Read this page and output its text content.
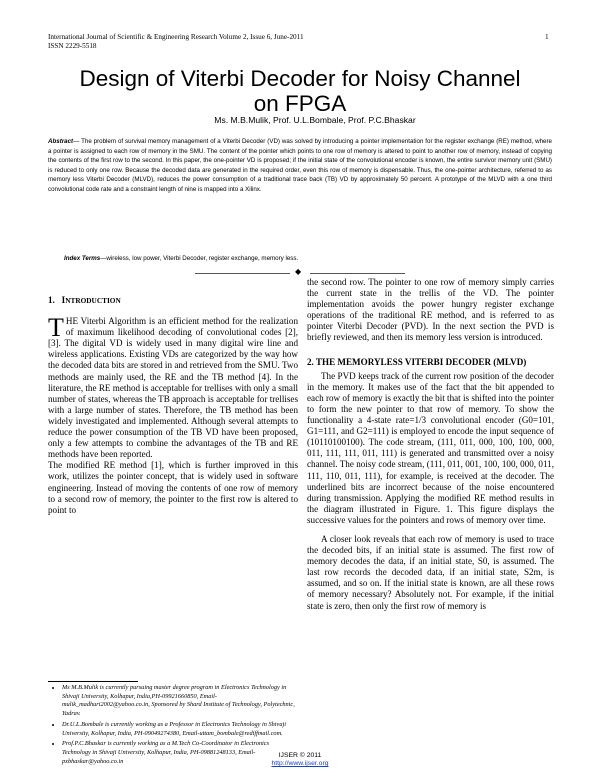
International Journal of Scientific & Engineering Research Volume 2, Issue 6, June-2011
ISSN 2229-5518
1
Design of Viterbi Decoder for Noisy Channel
on FPGA
Ms. M.B.Mulik, Prof. U.L.Bombale, Prof. P.C.Bhaskar
Abstract— The problem of survival memory management of a Viterbi Decoder (VD) was solved by introducing a pointer implementation for the register exchange (RE) method, where a pointer is assigned to each row of memory in the SMU. The content of the pointer which points to one row of memory is altered to point to another row of memory, instead of copying the contents of the first row to the second. In this paper, the one-pointer VD is proposed; if the initial state of the convolutional encoder is known, the entire survivor memory unit (SMU) is reduced to only one row. Because the decoded data are generated in the required order, even this row of memory is dispensable. Thus, the one-pointer architecture, referred to as memory less Viterbi Decoder (MLVD), reduces the power consumption of a traditional trace back (TB) VD by approximately 50 percent. A prototype of the MLVD with a one third convolutional code rate and a constraint length of nine is mapped into a Xilinx.
Index Terms—wireless, low power, Viterbi Decoder, register exchange, memory less.
◆

1. INTRODUCTION

THE Viterbi Algorithm is an efficient method for the realization of maximum likelihood decoding of convolutional codes [2],[3]. The digital VD is widely used in many digital wire line and wireless applications. Existing VDs are categorized by the way how the decoded data bits are stored in and retrieved from the SMU. Two methods are mainly used, the RE and the TB method [4]. In the literature, the RE method is acceptable for trellises with only a small number of states, whereas the TB approach is acceptable for trellises with a large number of states. Therefore, the TB method has been widely investigated and implemented. Although several attempts to reduce the power consumption of the TB VD have been proposed, only a few attempts to combine the advantages of the TB and RE methods have been reported.

The modified RE method [1], which is further improved in this work, utilizes the pointer concept, that is widely used in software engineering. Instead of moving the contents of one row of memory to a second row of memory, the pointer to the first row is altered to point to

the second row. The pointer to one row of memory simply carries the current state in the trellis of the VD. The pointer implementation avoids the power hungry register exchange operations of the traditional RE method, and is referred to as pointer Viterbi Decoder (PVD). In the next section the PVD is briefly reviewed, and then its memory less version is introduced.

2. THE MEMORYLESS VITERBI DECODER (MLVD)

The PVD keeps track of the current row position of the decoder in the memory. It makes use of the fact that the bit appended to each row of memory is exactly the bit that is shifted into the pointer to form the new pointer to that row of memory. To show the functionality a 4-state rate=1/3 convolutional encoder (G0=101, G1=111, and G2=111) is employed to encode the input sequence of (10110100100). The code stream, (111, 011, 000, 100, 100, 000, 011, 111, 111, 011, 111) is generated and transmitted over a noisy channel. The noisy code stream, (111, 011, 001, 100, 100, 000, 011, 111, 110, 011, 111), for example, is received at the decoder. The underlined bits are incorrect because of the noise encountered during transmission. Applying the modified RE method results in the diagram illustrated in Figure. 1. This figure displays the successive values for the pointers and rows of memory over time.

A closer look reveals that each row of memory is used to trace the decoded bits, if an initial state is assumed. The first row of memory decodes the data, if an initial state, S0, is assumed. The last row records the decoded data, if an initial state, S2m, is assumed, and so on. If the initial state is known, are all these rows of memory necessary? Absolutely not. For example, if the initial state is zero, then only the first row of memory is

• Ms M.B.Mulik is currently pursuing master degree program in Electronics Technology in Shivaji University, Kolhapur, India,PH-09921660850, Email-mulik_madhuri2002@yahoo.co.in, Sponsored by Shard Institute of Technology, Polytechnic, Yadrav.
• Dr.U.L.Bombale is currently working as a Professor in Electronics Technology in Shivaji University, Kolhapur, India, PH-09049274380, Email-uttam_bombale@rediffmail.com.
• Prof.P.C.Bhaskar is currently working as a M.Tech Co-Coordinator in Electronics Technology in Shivaji University, Kolhapur, India, PH-09881248133, Email- pxbhaskar@yahoo.co.in
IJSER © 2011
http://www.ijser.org
